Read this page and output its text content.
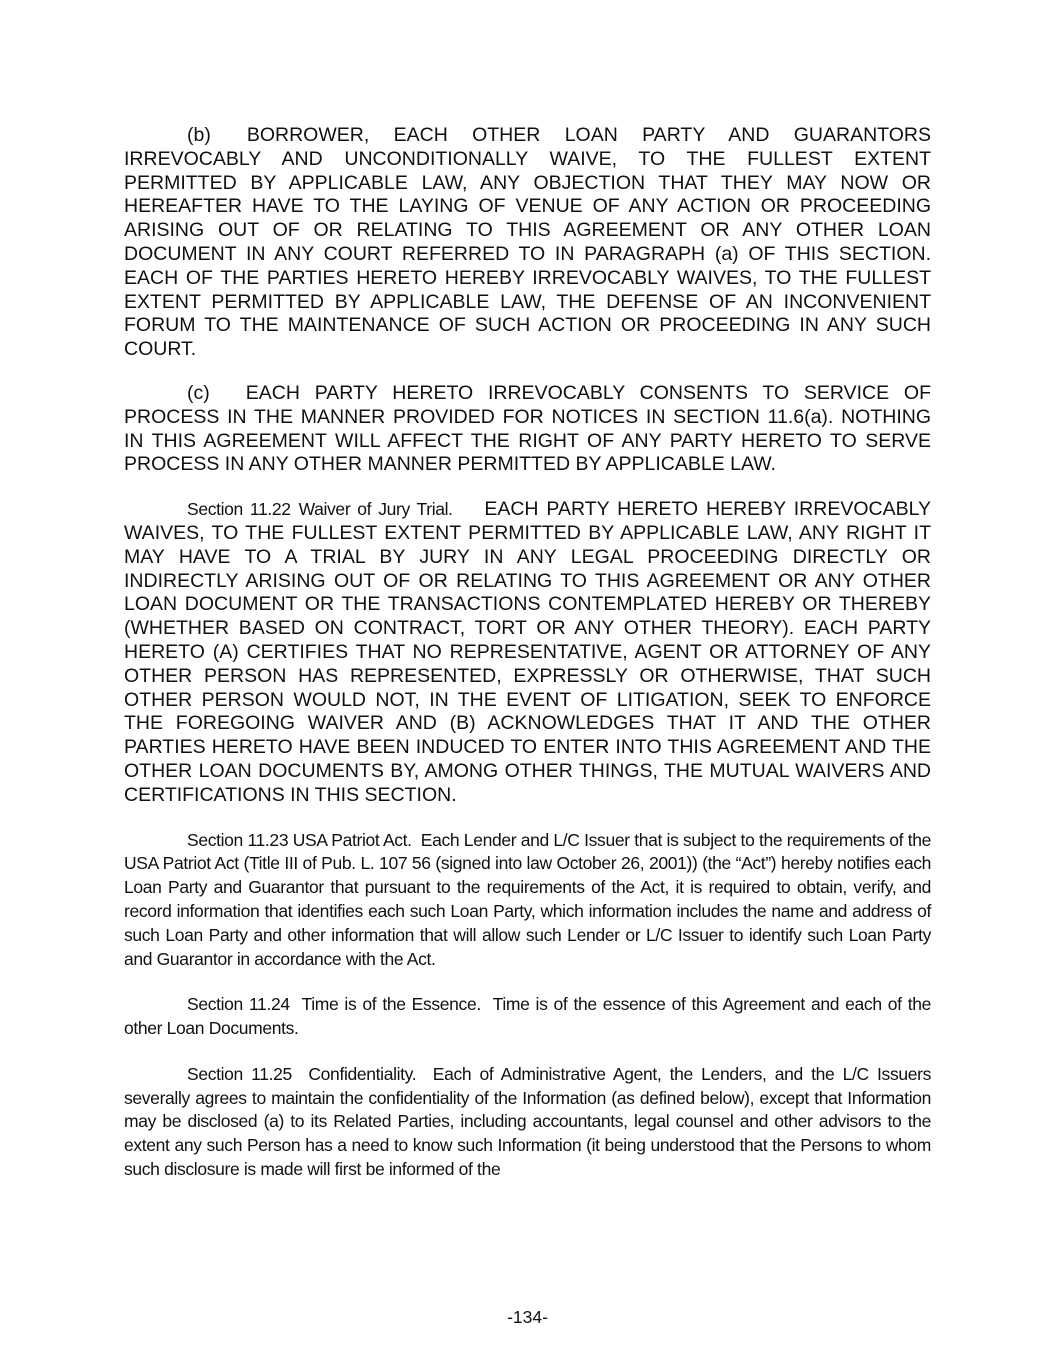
(b) BORROWER, EACH OTHER LOAN PARTY AND GUARANTORS IRREVOCABLY AND UNCONDITIONALLY WAIVE, TO THE FULLEST EXTENT PERMITTED BY APPLICABLE LAW, ANY OBJECTION THAT THEY MAY NOW OR HEREAFTER HAVE TO THE LAYING OF VENUE OF ANY ACTION OR PROCEEDING ARISING OUT OF OR RELATING TO THIS AGREEMENT OR ANY OTHER LOAN DOCUMENT IN ANY COURT REFERRED TO IN PARAGRAPH (a) OF THIS SECTION. EACH OF THE PARTIES HERETO HEREBY IRREVOCABLY WAIVES, TO THE FULLEST EXTENT PERMITTED BY APPLICABLE LAW, THE DEFENSE OF AN INCONVENIENT FORUM TO THE MAINTENANCE OF SUCH ACTION OR PROCEEDING IN ANY SUCH COURT.

(c) EACH PARTY HERETO IRREVOCABLY CONSENTS TO SERVICE OF PROCESS IN THE MANNER PROVIDED FOR NOTICES IN SECTION 11.6(a). NOTHING IN THIS AGREEMENT WILL AFFECT THE RIGHT OF ANY PARTY HERETO TO SERVE PROCESS IN ANY OTHER MANNER PERMITTED BY APPLICABLE LAW.

Section 11.22 Waiver of Jury Trial. EACH PARTY HERETO HEREBY IRREVOCABLY WAIVES, TO THE FULLEST EXTENT PERMITTED BY APPLICABLE LAW, ANY RIGHT IT MAY HAVE TO A TRIAL BY JURY IN ANY LEGAL PROCEEDING DIRECTLY OR INDIRECTLY ARISING OUT OF OR RELATING TO THIS AGREEMENT OR ANY OTHER LOAN DOCUMENT OR THE TRANSACTIONS CONTEMPLATED HEREBY OR THEREBY (WHETHER BASED ON CONTRACT, TORT OR ANY OTHER THEORY). EACH PARTY HERETO (A) CERTIFIES THAT NO REPRESENTATIVE, AGENT OR ATTORNEY OF ANY OTHER PERSON HAS REPRESENTED, EXPRESSLY OR OTHERWISE, THAT SUCH OTHER PERSON WOULD NOT, IN THE EVENT OF LITIGATION, SEEK TO ENFORCE THE FOREGOING WAIVER AND (B) ACKNOWLEDGES THAT IT AND THE OTHER PARTIES HERETO HAVE BEEN INDUCED TO ENTER INTO THIS AGREEMENT AND THE OTHER LOAN DOCUMENTS BY, AMONG OTHER THINGS, THE MUTUAL WAIVERS AND CERTIFICATIONS IN THIS SECTION.

Section 11.23 USA Patriot Act. Each Lender and L/C Issuer that is subject to the requirements of the USA Patriot Act (Title III of Pub. L. 107 56 (signed into law October 26, 2001)) (the “Act”) hereby notifies each Loan Party and Guarantor that pursuant to the requirements of the Act, it is required to obtain, verify, and record information that identifies each such Loan Party, which information includes the name and address of such Loan Party and other information that will allow such Lender or L/C Issuer to identify such Loan Party and Guarantor in accordance with the Act.

Section 11.24 Time is of the Essence. Time is of the essence of this Agreement and each of the other Loan Documents.

Section 11.25 Confidentiality. Each of Administrative Agent, the Lenders, and the L/C Issuers severally agrees to maintain the confidentiality of the Information (as defined below), except that Information may be disclosed (a) to its Related Parties, including accountants, legal counsel and other advisors to the extent any such Person has a need to know such Information (it being understood that the Persons to whom such disclosure is made will first be informed of the

-134-
